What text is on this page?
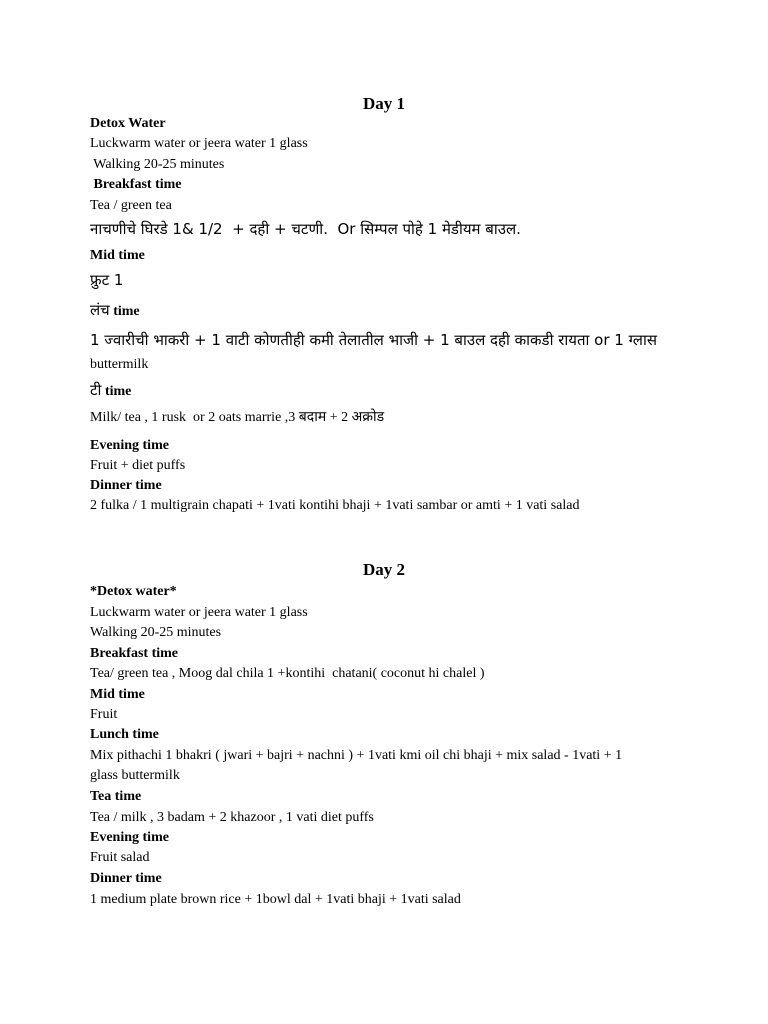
Day 1
Detox Water
Luckwarm water or jeera water 1 glass
Walking 20-25 minutes
Breakfast time
Tea / green tea
नाचणीचे घिरडे 1& 1/2  + दही + चटणी.  Or सिम्पल पोहे 1 मेडीयम बाउल.
Mid time
फ्रुट 1
लंच time
1 ज्वारीची भाकरी + 1 वाटी कोणतीही कमी तेलातील भाजी + 1 बाउल दही काकडी रायता or 1 ग्लास
buttermilk
टी time
Milk/ tea , 1 rusk  or 2 oats marrie ,3 बदाम + 2 अक्रोड
Evening time
Fruit + diet puffs
Dinner time
2 fulka / 1 multigrain chapati + 1vati kontihi bhaji + 1vati sambar or amti + 1 vati salad
Day 2
*Detox water*
Luckwarm water or jeera water 1 glass
Walking 20-25 minutes
Breakfast time
Tea/ green tea , Moog dal chila 1 +kontihi  chatani( coconut hi chalel )
Mid time
Fruit
Lunch time
Mix pithachi 1 bhakri ( jwari + bajri + nachni ) + 1vati kmi oil chi bhaji + mix salad - 1vati + 1
glass buttermilk
Tea time
Tea / milk , 3 badam + 2 khazoor , 1 vati diet puffs
Evening time
Fruit salad
Dinner time
1 medium plate brown rice + 1bowl dal + 1vati bhaji + 1vati salad
